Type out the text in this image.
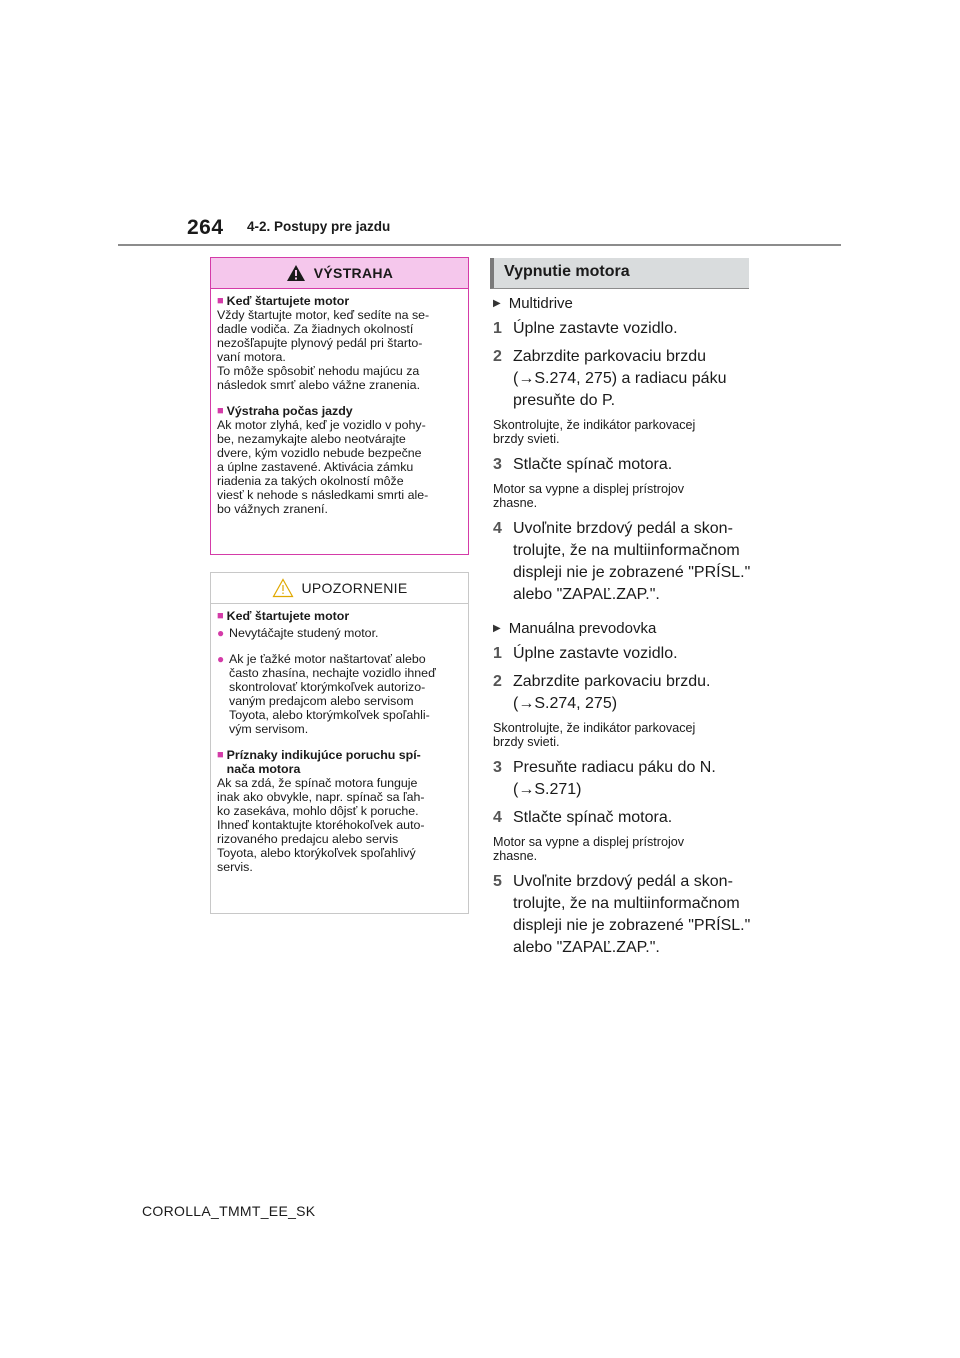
264 4-2. Postupy pre jazdu
VÝSTRAHA
■ Keď štartujete motor

Vždy štartujte motor, keď sedíte na se-

dadle vodiča. Za žiadnych okolností

nezošľapujte plynový pedál pri štarto-

vaní motora.

To môže spôsobiť nehodu majúcu za

následok smrť alebo vážne zranenia.

■ Výstraha počas jazdy

Ak motor zlyhá, keď je vozidlo v pohy-

be, nezamykajte alebo neotvárajte

dvere, kým vozidlo nebude bezpečne

a úplne zastavené. Aktivácia zámku

riadenia za takých okolností môže

viesť k nehode s následkami smrti ale-

bo vážnych zranení.

UPOZORNENIE
■ Keď štartujete motor
● Nevytáčajte studený motor.
● Ak je ťažké motor naštartovať alebo
často zhasína, nechajte vozidlo ihneď
skontrolovať ktorýmkoľvek autorizo-
vaným predajcom alebo servisom
Toyota, alebo ktorýmkoľvek spoľahli-
vým servisom.
■ Príznaky indikujúce poruchu spí-
nača motora

Ak sa zdá, že spínač motora funguje

inak ako obvykle, napr. spínač sa ľah-

ko zasekáva, mohlo dôjsť k poruche.

Ihneď kontaktujte ktoréhokoľvek auto-

rizovaného predajcu alebo servis

Toyota, alebo ktorýkoľvek spoľahlivý

servis.

Vypnutie motora
▶ Multidrive
1 Úplne zastavte vozidlo.
2 Zabrzdite parkovaciu brzdu
(→S.274, 275) a radiacu páku
presuňte do P.
Skontrolujte, že indikátor parkovacej
brzdy svieti.
3 Stlačte spínač motora.
Motor sa vypne a displej prístrojov
zhasne.
4 Uvoľnite brzdový pedál a skon-
trolujte, že na multiinformačnom
displeji nie je zobrazené "PRÍSL."
alebo "ZAPAĽ.ZAP.".
▶ Manuálna prevodovka
1 Úplne zastavte vozidlo.
2 Zabrzdite parkovaciu brzdu.
(→S.274, 275)
Skontrolujte, že indikátor parkovacej
brzdy svieti.
3 Presuňte radiacu páku do N.
(→S.271)
4 Stlačte spínač motora.
Motor sa vypne a displej prístrojov
zhasne.
5 Uvoľnite brzdový pedál a skon-
trolujte, že na multiinformačnom
displeji nie je zobrazené "PRÍSL."
alebo "ZAPAĽ.ZAP.".
COROLLA_TMMT_EE_SK
